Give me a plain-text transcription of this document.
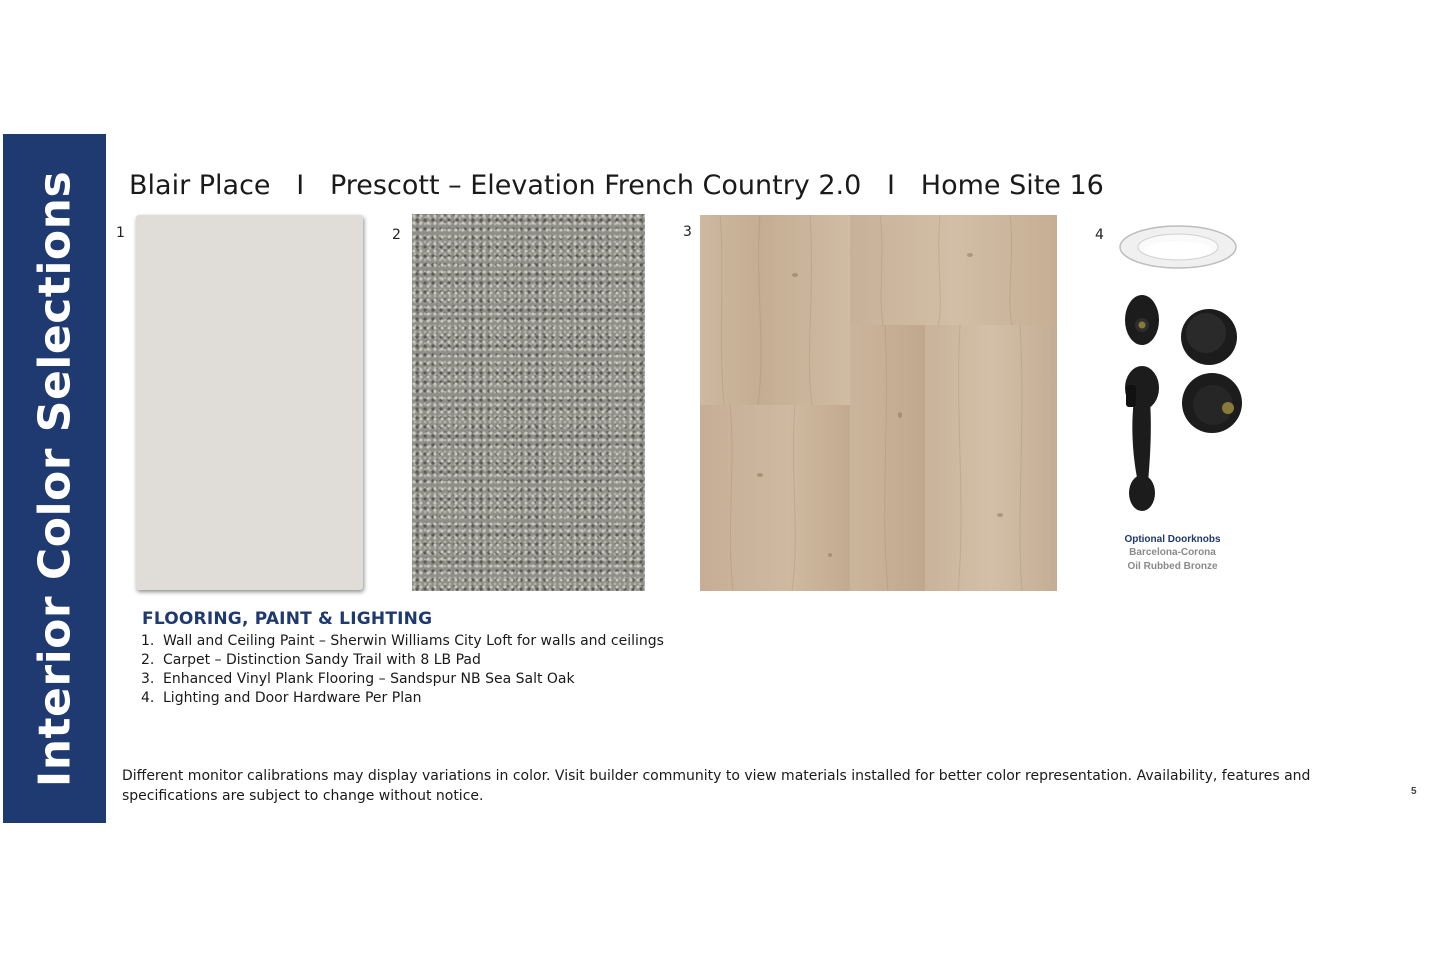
Interior Color Selections Blair Place   I   Prescott – Elevation French Country 2.0   I   Home Site 16
1	2	3	4
Optional Doorknobs
Barcelona-Corona
Oil Rubbed Bronze
FLOORING, PAINT & LIGHTING
1. Wall and Ceiling Paint – Sherwin Williams City Loft for walls and ceilings
2. Carpet – Distinction Sandy Trail with 8 LB Pad
3. Enhanced Vinyl Plank Flooring – Sandspur NB Sea Salt Oak
4. Lighting and Door Hardware Per Plan
Different monitor calibrations may display variations in color. Visit builder community to view materials installed for better color representation. Availability, features and specifications are subject to change without notice.	5
